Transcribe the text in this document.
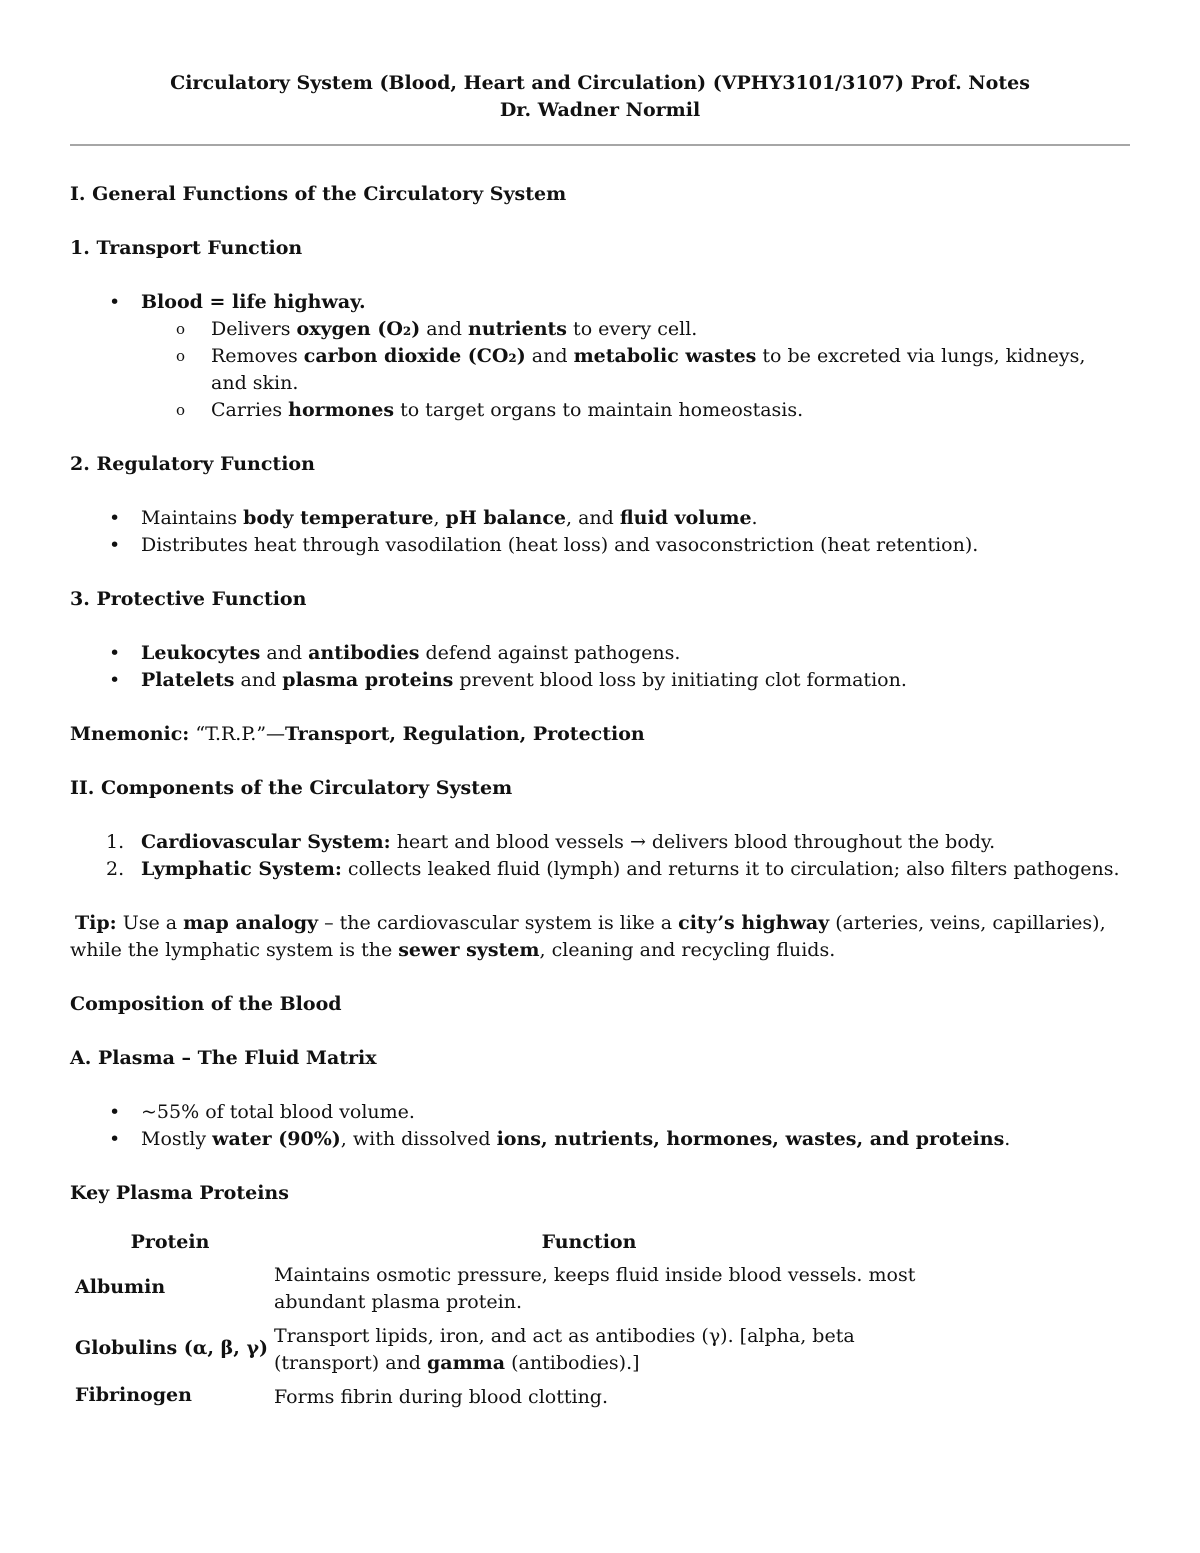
Circulatory System (Blood, Heart and Circulation) (VPHY3101/3107) Prof. Notes
Dr. Wadner Normil
I. General Functions of the Circulatory System
1. Transport Function
• Blood = life highway.
o Delivers oxygen (O₂) and nutrients to every cell.
o Removes carbon dioxide (CO₂) and metabolic wastes to be excreted via lungs, kidneys, and skin.
o Carries hormones to target organs to maintain homeostasis.
2. Regulatory Function
• Maintains body temperature, pH balance, and fluid volume.
• Distributes heat through vasodilation (heat loss) and vasoconstriction (heat retention).
3. Protective Function
• Leukocytes and antibodies defend against pathogens.
• Platelets and plasma proteins prevent blood loss by initiating clot formation.
Mnemonic: “T.R.P.”—Transport, Regulation, Protection
II. Components of the Circulatory System
1. Cardiovascular System: heart and blood vessels → delivers blood throughout the body.
2. Lymphatic System: collects leaked fluid (lymph) and returns it to circulation; also filters pathogens.
Tip: Use a map analogy – the cardiovascular system is like a city’s highway (arteries, veins, capillaries),
while the lymphatic system is the sewer system, cleaning and recycling fluids.
Composition of the Blood
A. Plasma – The Fluid Matrix
• ~55% of total blood volume.
• Mostly water (90%), with dissolved ions, nutrients, hormones, wastes, and proteins.
Key Plasma Proteins
Protein	Function
Albumin
Maintains osmotic pressure, keeps fluid inside blood vessels. most
abundant plasma protein.
Globulins (α, β, γ)
Transport lipids, iron, and act as antibodies (γ). [alpha, beta
(transport) and gamma (antibodies).]
Fibrinogen	Forms fibrin during blood clotting.
